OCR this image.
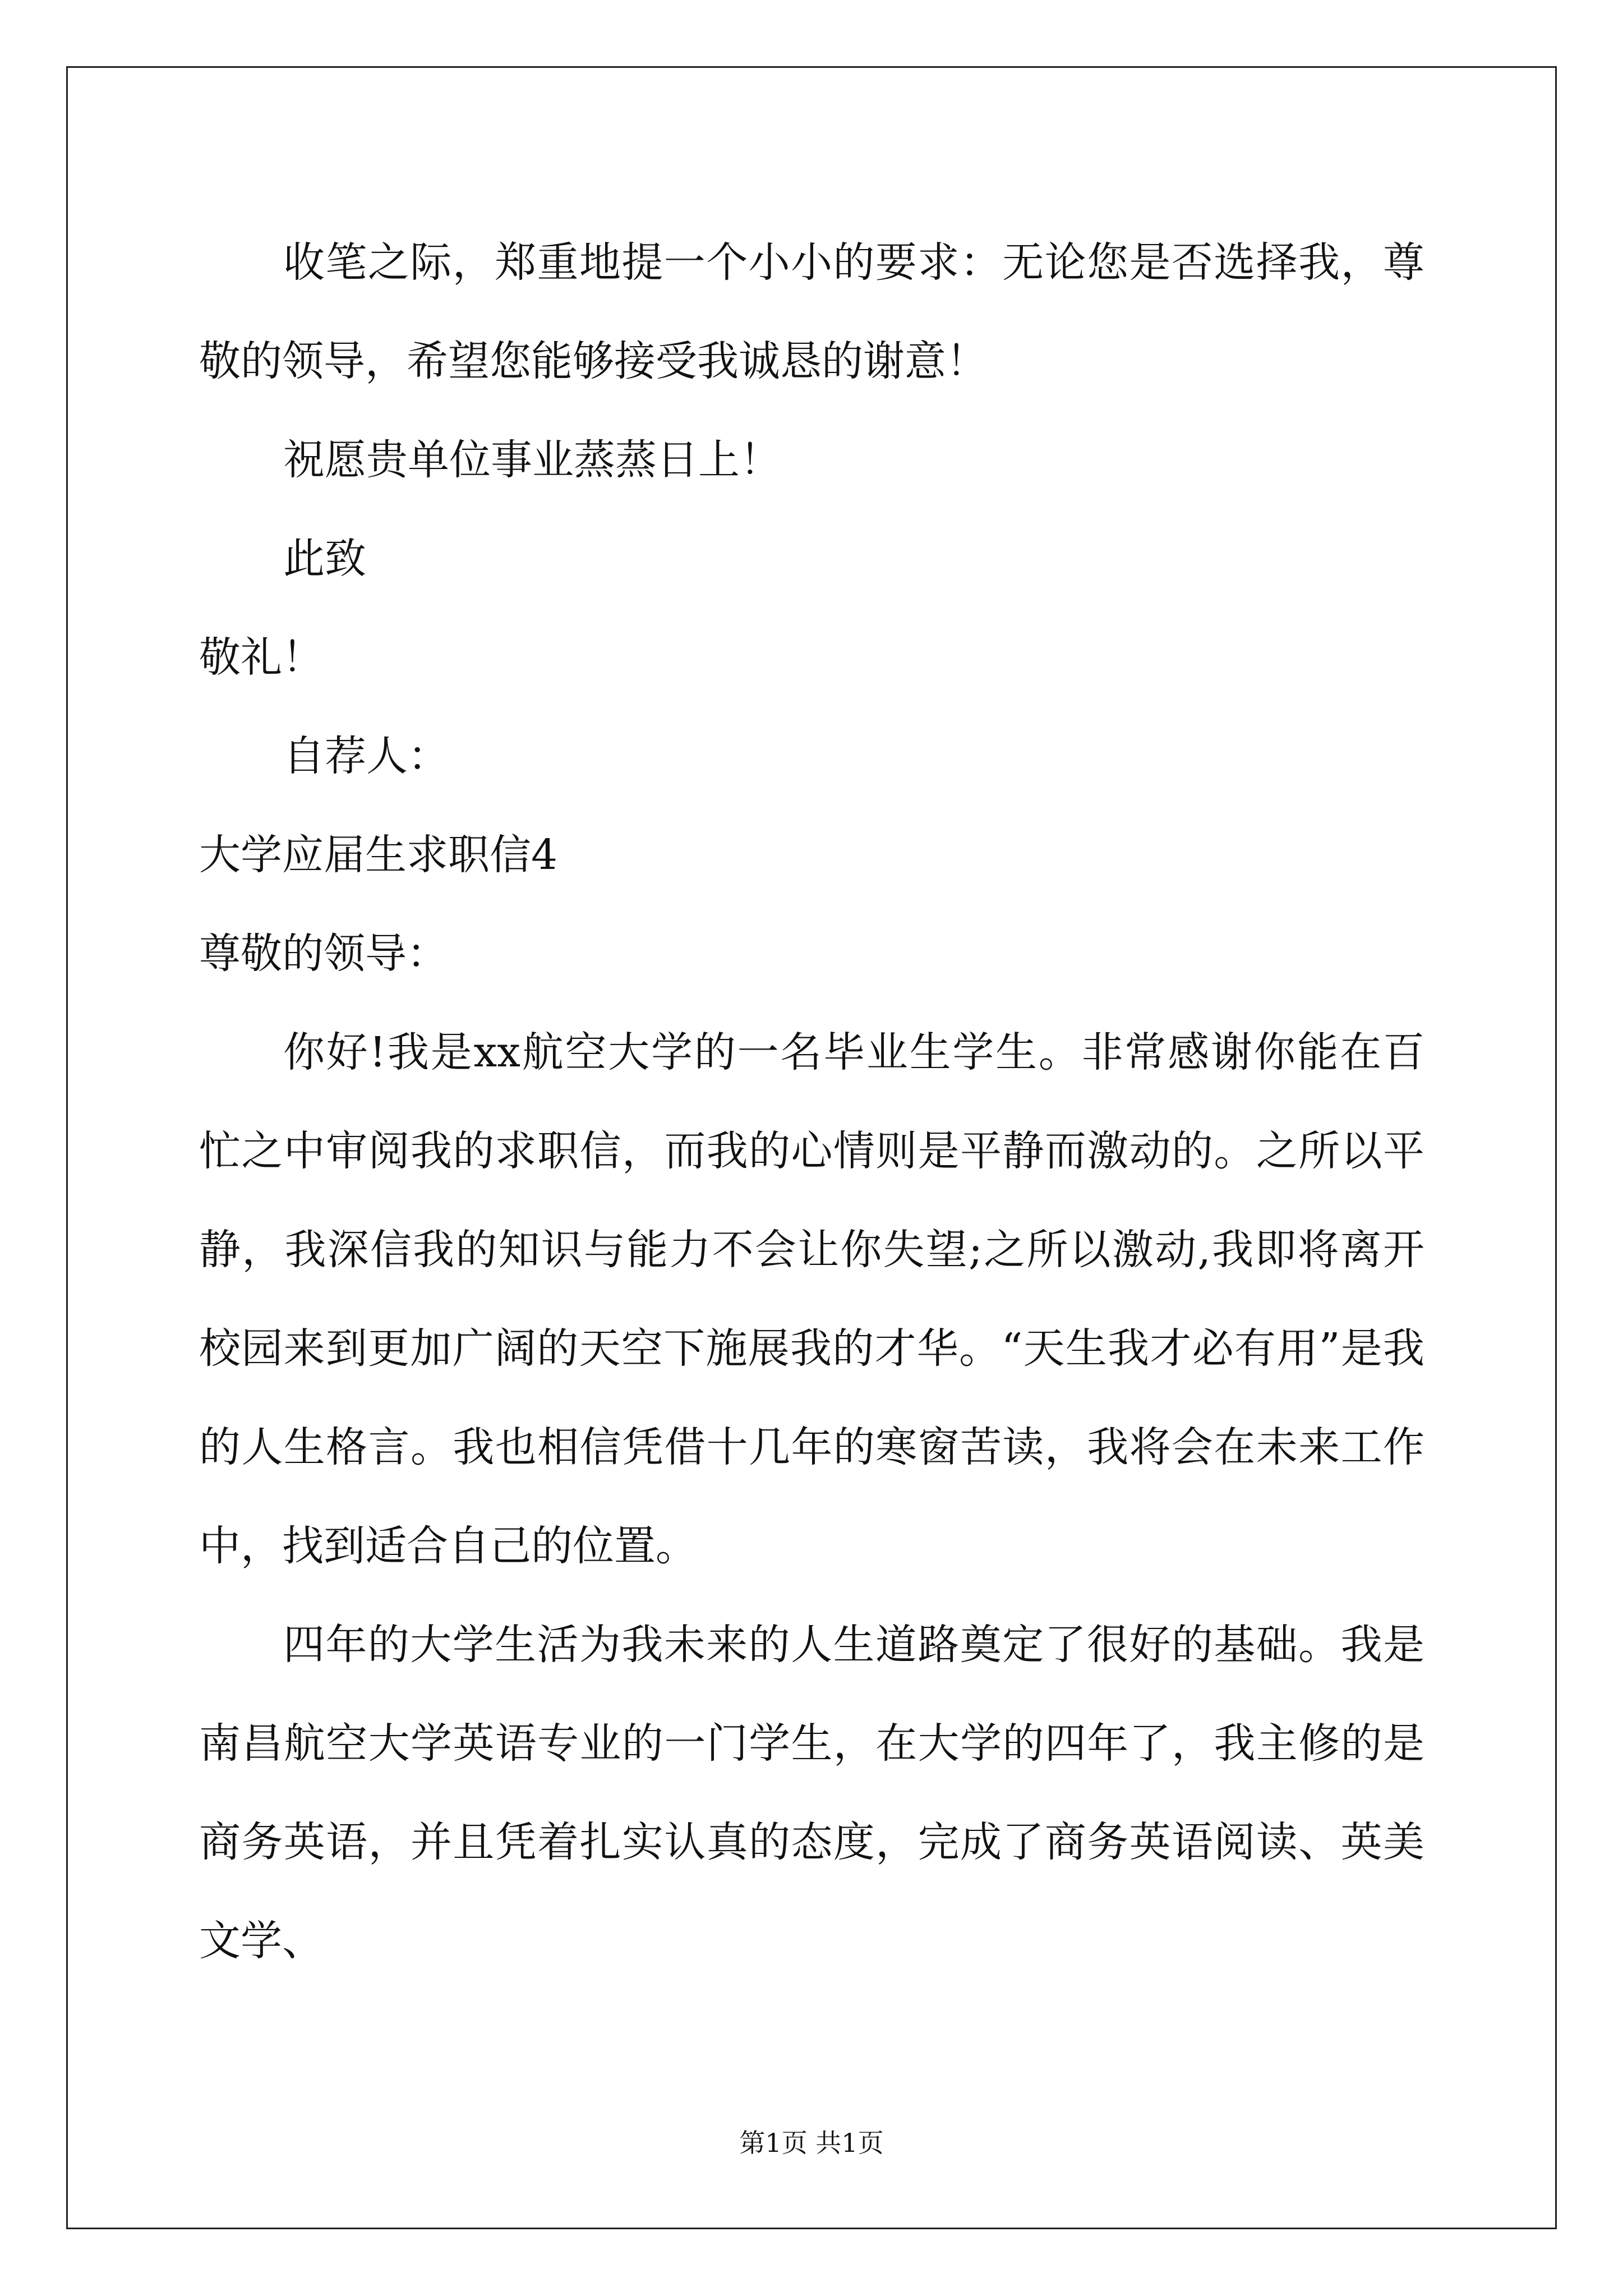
收笔之际，郑重地提一个小小的要求：无论您是否选择我，尊敬的领导，希望您能够接受我诚恳的谢意！

祝愿贵单位事业蒸蒸日上！

此致

敬礼！

自荐人：

大学应届生求职信4

尊敬的领导：

你好!我是xx航空大学的一名毕业生学生。非常感谢你能在百忙之中审阅我的求职信，而我的心情则是平静而激动的。之所以平静，我深信我的知识与能力不会让你失望;之所以激动,我即将离开校园来到更加广阔的天空下施展我的才华。“天生我才必有用”是我的人生格言。我也相信凭借十几年的寒窗苦读，我将会在未来工作中，找到适合自己的位置。

四年的大学生活为我未来的人生道路奠定了很好的基础。我是南昌航空大学英语专业的一门学生，在大学的四年了，我主修的是商务英语，并且凭着扎实认真的态度，完成了商务英语阅读、英美文学、

第1页 共1页
